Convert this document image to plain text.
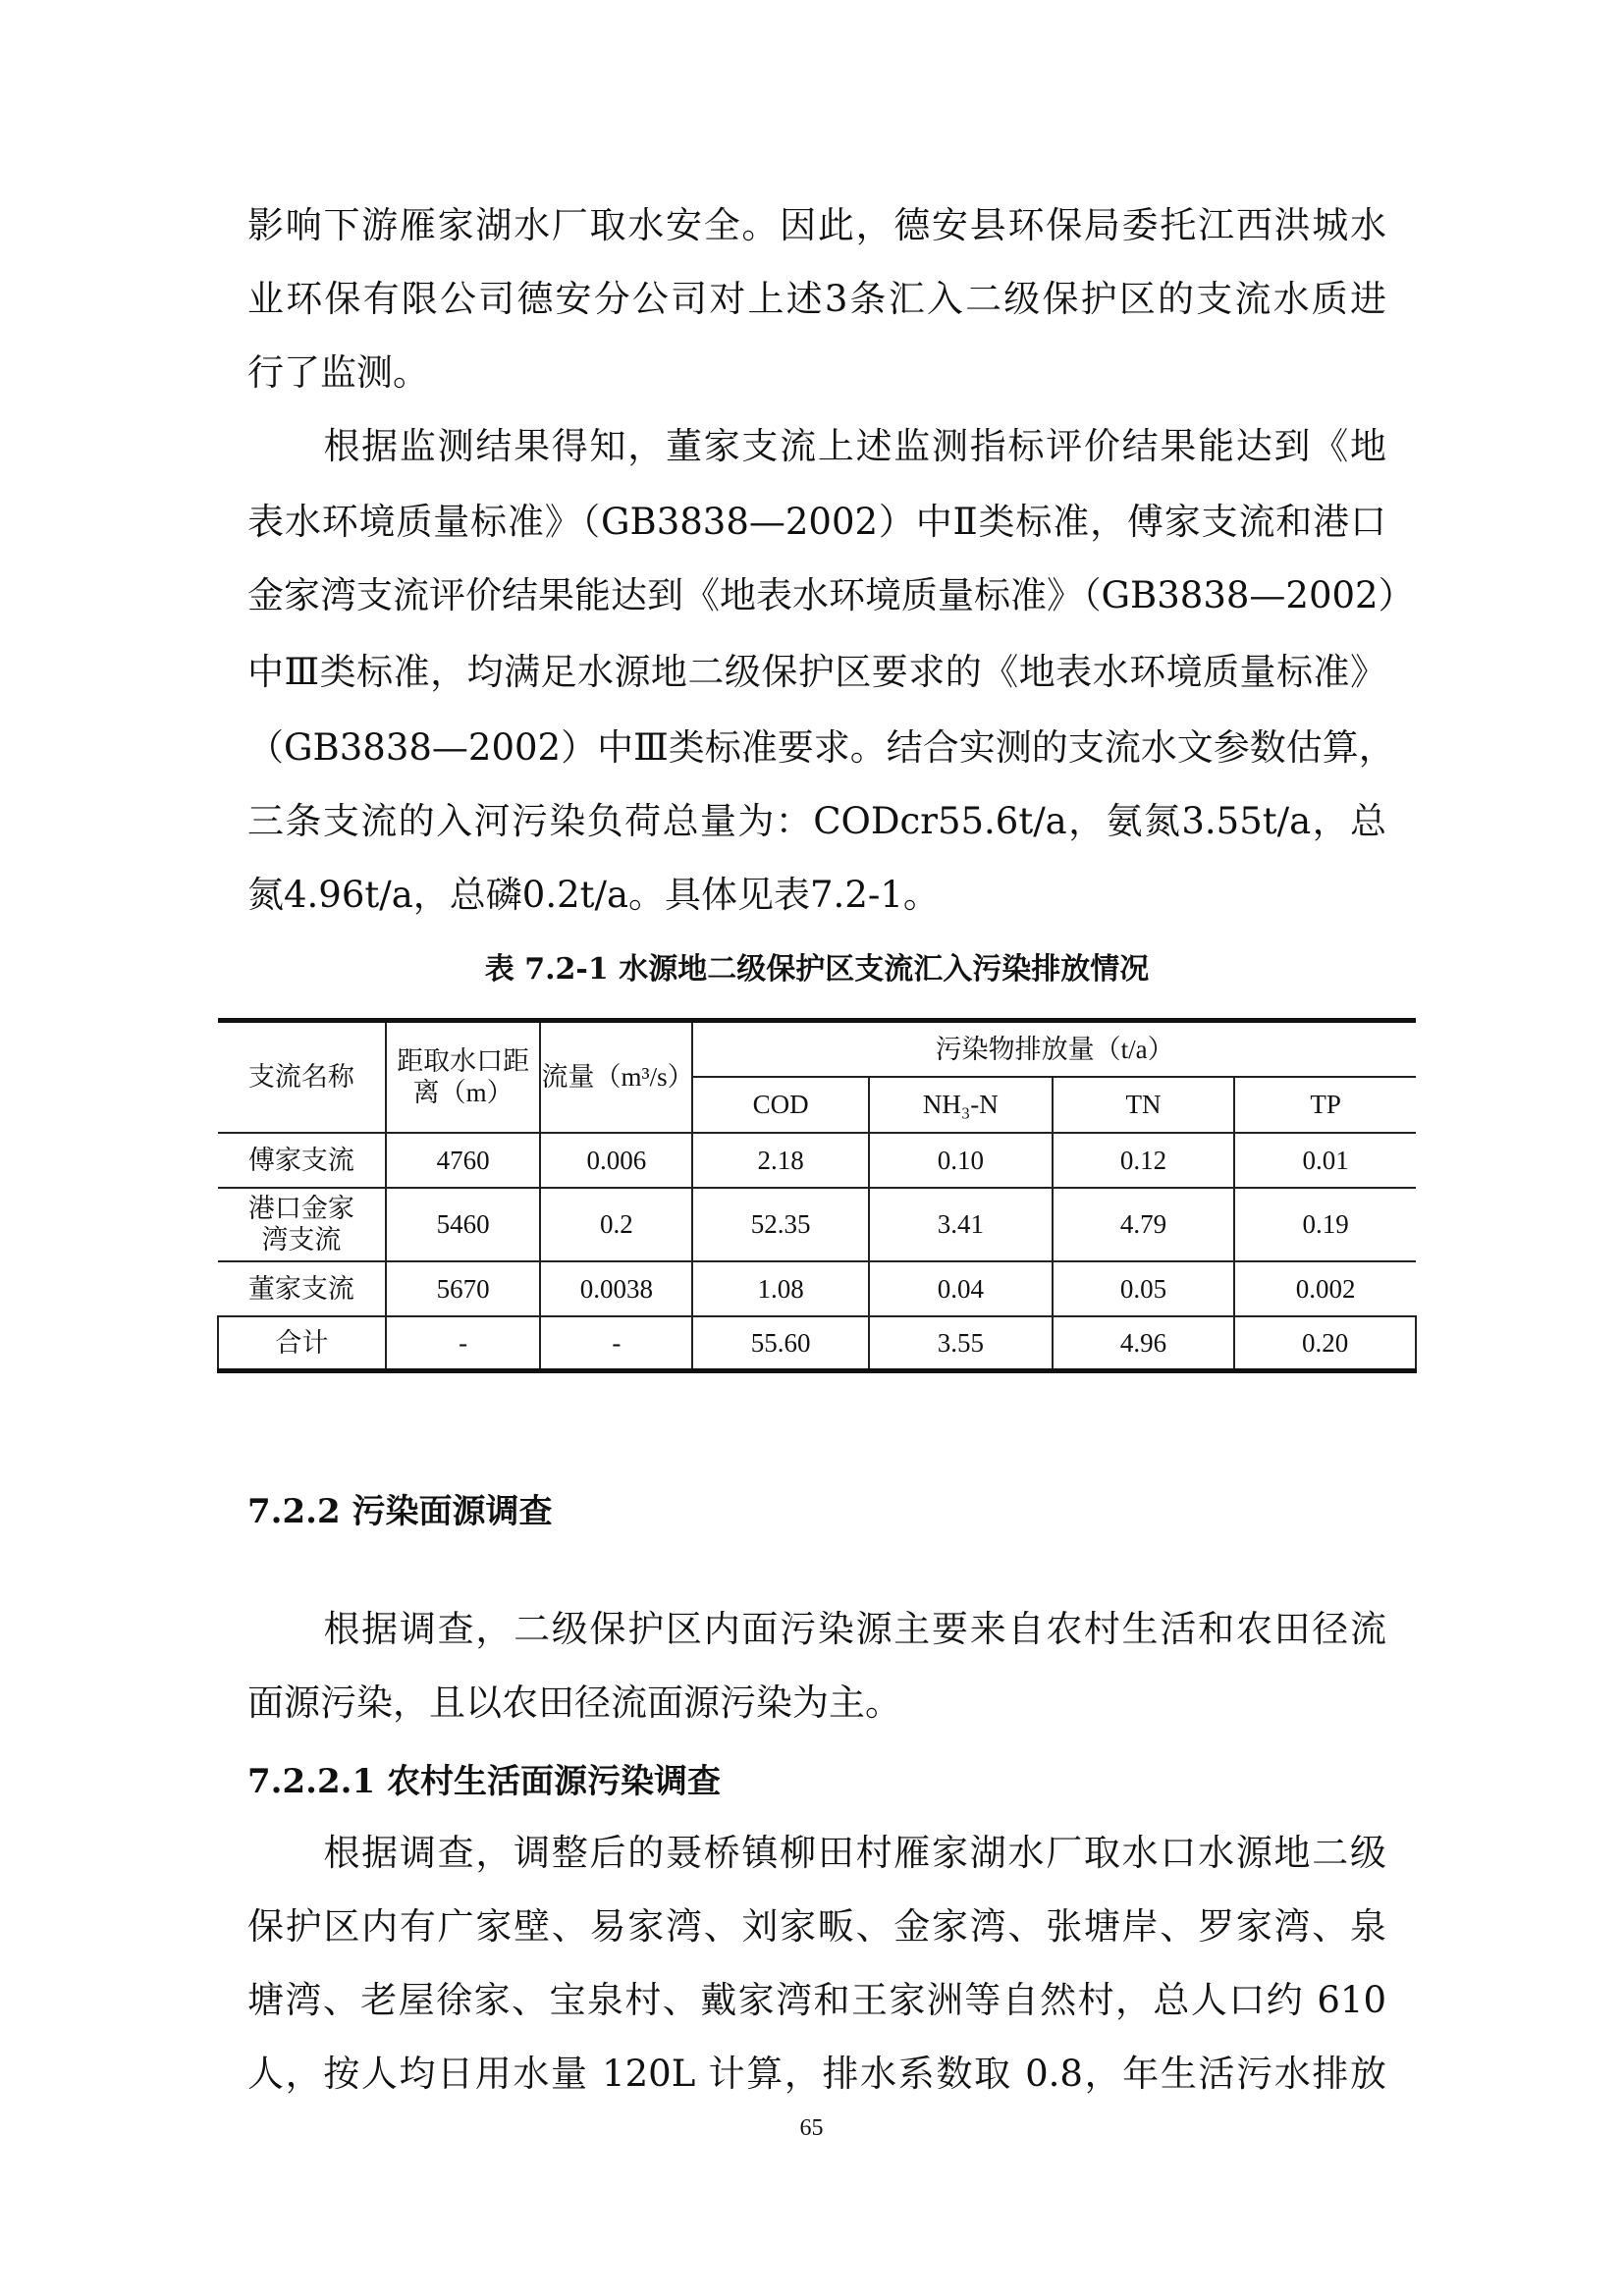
影响下游雁家湖水厂取水安全。因此，德安县环保局委托江西洪城水
业环保有限公司德安分公司对上述3条汇入二级保护区的支流水质进
行了监测。
　　根据监测结果得知，董家支流上述监测指标评价结果能达到《地
表水环境质量标准》（GB3838—2002）中Ⅱ类标准，傅家支流和港口
金家湾支流评价结果能达到《地表水环境质量标准》（GB3838—2002）
中Ⅲ类标准，均满足水源地二级保护区要求的《地表水环境质量标准》
（GB3838—2002）中Ⅲ类标准要求。结合实测的支流水文参数估算，
三条支流的入河污染负荷总量为：CODcr55.6t/a，氨氮3.55t/a，总
氮4.96t/a，总磷0.2t/a。具体见表7.2-1。
表 7.2-1 水源地二级保护区支流汇入污染排放情况
支流名称	距取水口距离（m）	流量（m³/s）	污染物排放量（t/a）			
			COD	NH₃-N	TN	TP
傅家支流	4760	0.006	2.18	0.10	0.12	0.01
港口金家湾支流	5460	0.2	52.35	3.41	4.79	0.19
董家支流	5670	0.0038	1.08	0.04	0.05	0.002
合计	-	-	55.60	3.55	4.96	0.20
7.2.2 污染面源调查
　　根据调查，二级保护区内面污染源主要来自农村生活和农田径流
面源污染，且以农田径流面源污染为主。
7.2.2.1 农村生活面源污染调查
　　根据调查，调整后的聂桥镇柳田村雁家湖水厂取水口水源地二级
保护区内有广家壁、易家湾、刘家畈、金家湾、张塘岸、罗家湾、泉
塘湾、老屋徐家、宝泉村、戴家湾和王家洲等自然村，总人口约 610
人，按人均日用水量 120L 计算，排水系数取 0.8，年生活污水排放
65
